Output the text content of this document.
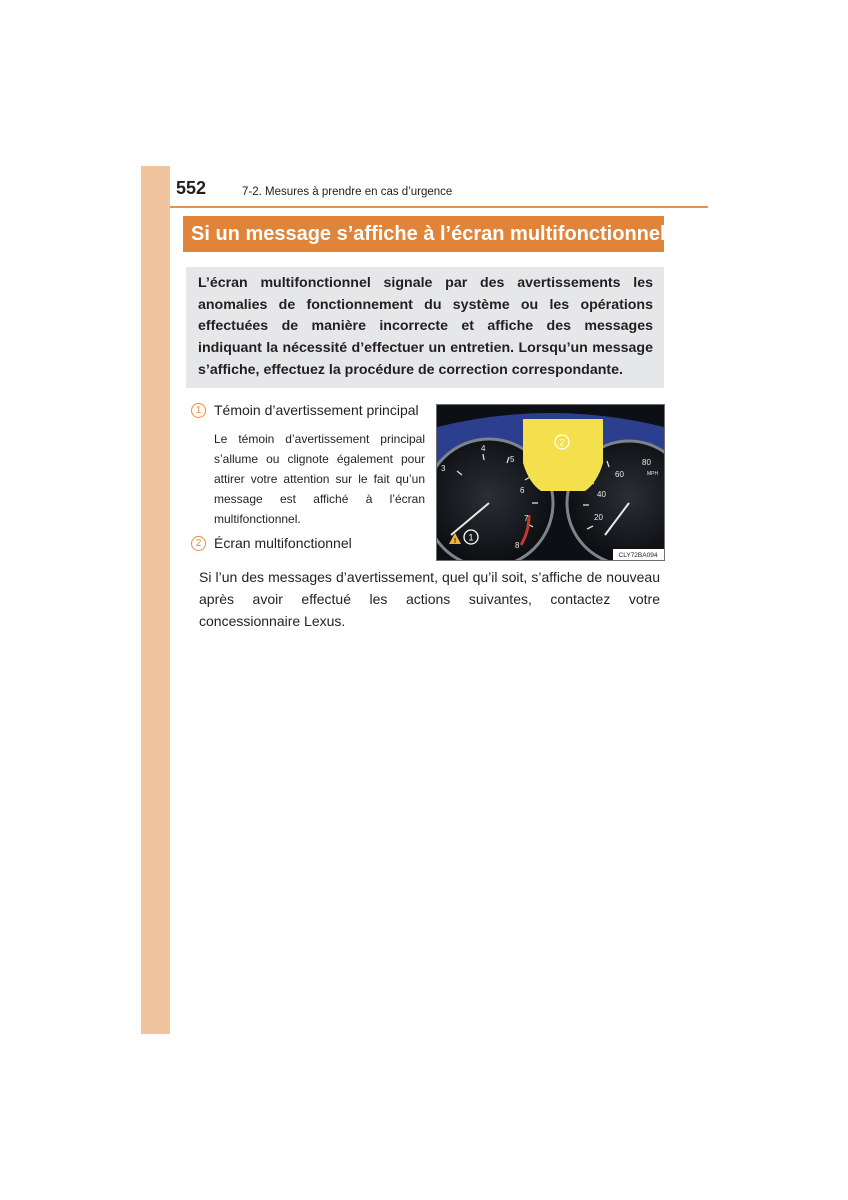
552	7-2. Mesures à prendre en cas d’urgence
Si un message s’affiche à l’écran multifonctionnel

L’écran multifonctionnel signale par des avertissements les anomalies de fonctionnement du système ou les opérations effectuées de manière incorrecte et affiche des messages indiquant la nécessité d’effectuer un entretien. Lorsqu’un message s’affiche, effectuez la procédure de correction correspondante.

1 Témoin d’avertissement principal

Le témoin d’avertissement principal s’allume ou clignote également pour attirer votre attention sur le fait qu’un message est affiché à l’écran multifonctionnel.

2 Écran multifonctionnel
3
4
5
6
7
8
80
60
40
20
MPH
2
! 1
CLY72BA094

Si l’un des messages d’avertissement, quel qu’il soit, s’affiche de nouveau après avoir effectué les actions suivantes, contactez votre concessionnaire Lexus.
